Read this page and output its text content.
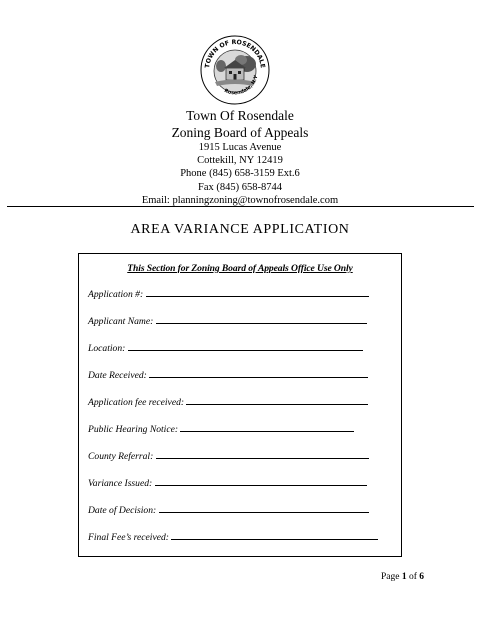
TOWN OF ROSENDALE
Rosendale, N.Y
Town Of Rosendale
Zoning Board of Appeals
1915 Lucas Avenue
Cottekill, NY 12419
Phone (845) 658-3159 Ext.6
Fax (845) 658-8744
Email: planningzoning@townofrosendale.com
AREA VARIANCE APPLICATION
This Section for Zoning Board of Appeals Office Use Only
Application #:
Applicant Name:
Location:
Date Received:
Application fee received:
Public Hearing Notice:
County Referral:
Variance Issued:
Date of Decision:
Final Fee’s received:
Page 1 of 6
